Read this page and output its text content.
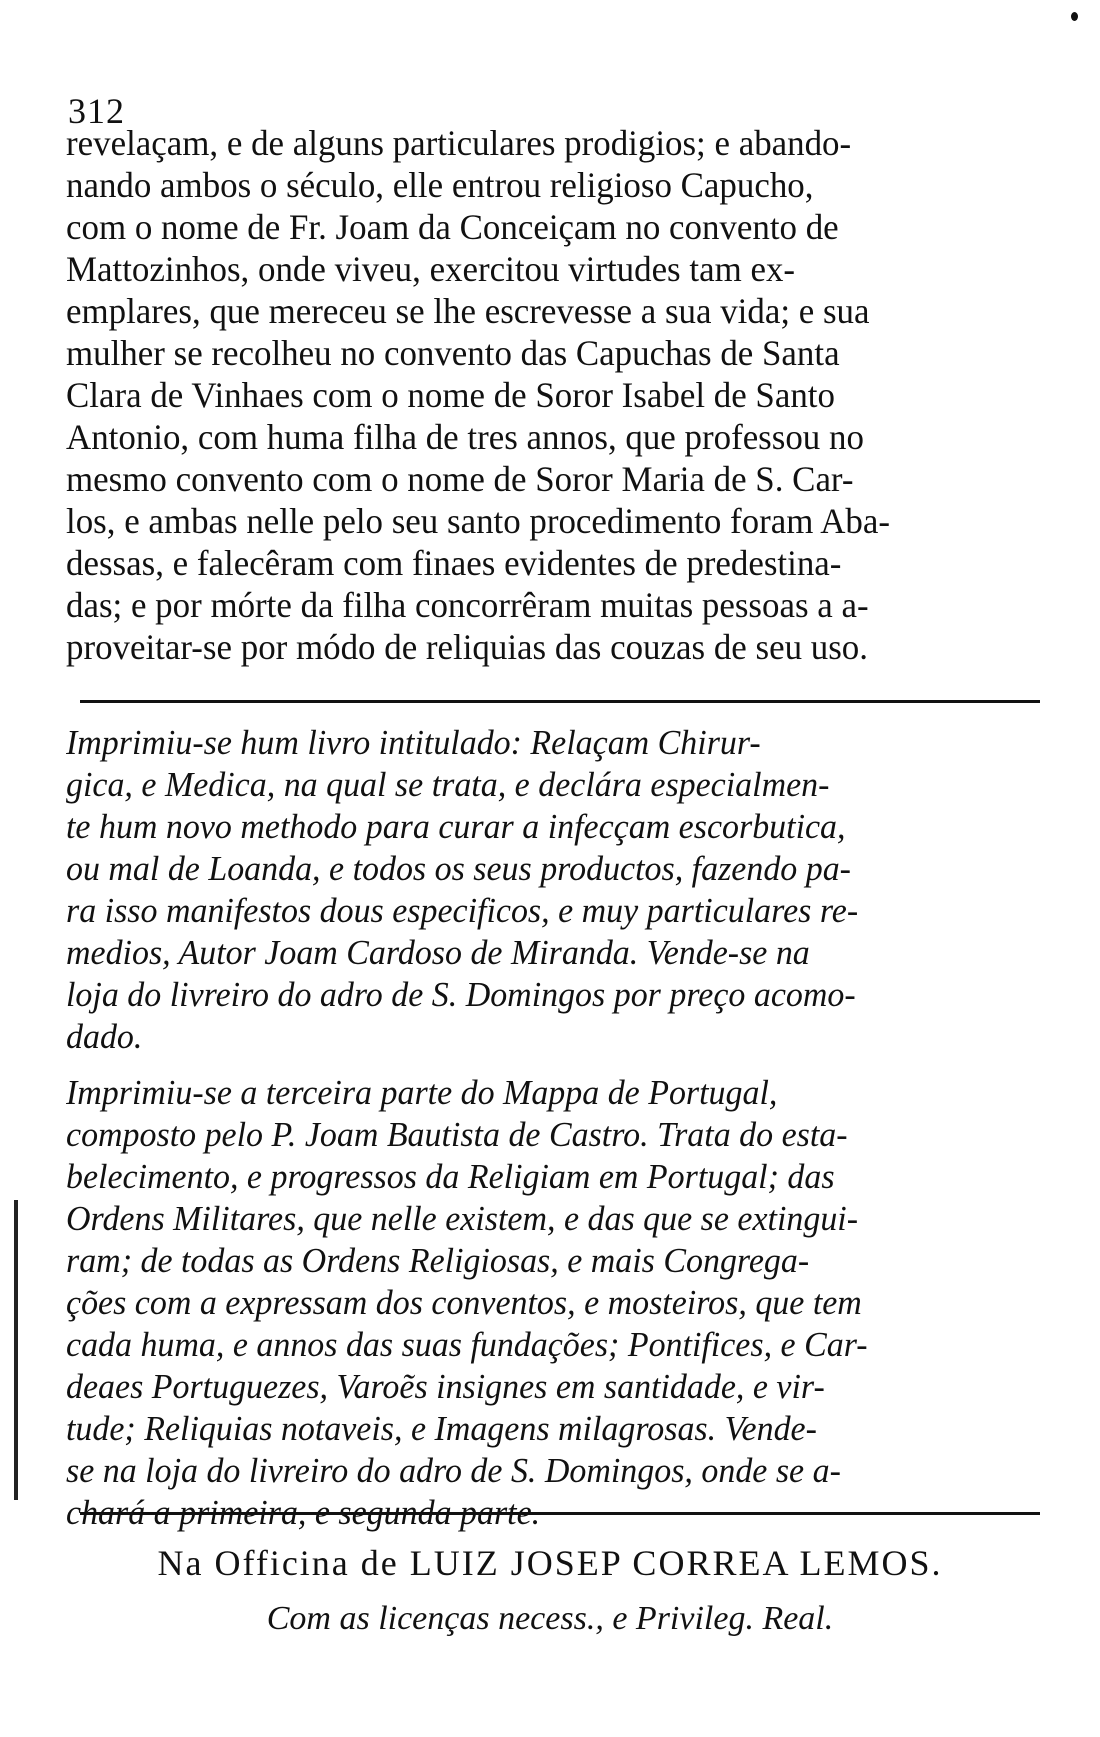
312
revelaçam, e de alguns particulares prodigios; e abando-
nando ambos o século, elle entrou religioso Capucho,
com o nome de Fr. Joam da Conceiçam no convento de
Mattozinhos, onde viveu, exercitou virtudes tam ex-
emplares, que mereceu se lhe escrevesse a sua vida; e sua
mulher se recolheu no convento das Capuchas de Santa
Clara de Vinhaes com o nome de Soror Isabel de Santo
Antonio, com huma filha de tres annos, que professou no
mesmo convento com o nome de Soror Maria de S. Car-
los, e ambas nelle pelo seu santo procedimento foram Aba-
dessas, e falecêram com finaes evidentes de predestina-
das; e por mórte da filha concorrêram muitas pessoas a a-
proveitar-se por módo de reliquias das couzas de seu uso.
Imprimiu-se hum livro intitulado: Relaçam Chirur-
gica, e Medica, na qual se trata, e declára especialmen-
te hum novo methodo para curar a infecçam escorbutica,
ou mal de Loanda, e todos os seus productos, fazendo pa-
ra isso manifestos dous especificos, e muy particulares re-
medios, Autor Joam Cardoso de Miranda. Vende-se na
loja do livreiro do adro de S. Domingos por preço acomo-
dado.
Imprimiu-se a terceira parte do Mappa de Portugal,
composto pelo P. Joam Bautista de Castro. Trata do esta-
belecimento, e progressos da Religiam em Portugal; das
Ordens Militares, que nelle existem, e das que se extingui-
ram; de todas as Ordens Religiosas, e mais Congrega-
ções com a expressam dos conventos, e mosteiros, que tem
cada huma, e annos das suas fundações; Pontifices, e Car-
deaes Portuguezes, Varoẽs insignes em santidade, e vir-
tude; Reliquias notaveis, e Imagens milagrosas. Vende-
se na loja do livreiro do adro de S. Domingos, onde se a-
chará a primeira, e segunda parte.
Na Officina de LUIZ JOSEP CORREA LEMOS.
Com as licenças necess., e Privileg. Real.
